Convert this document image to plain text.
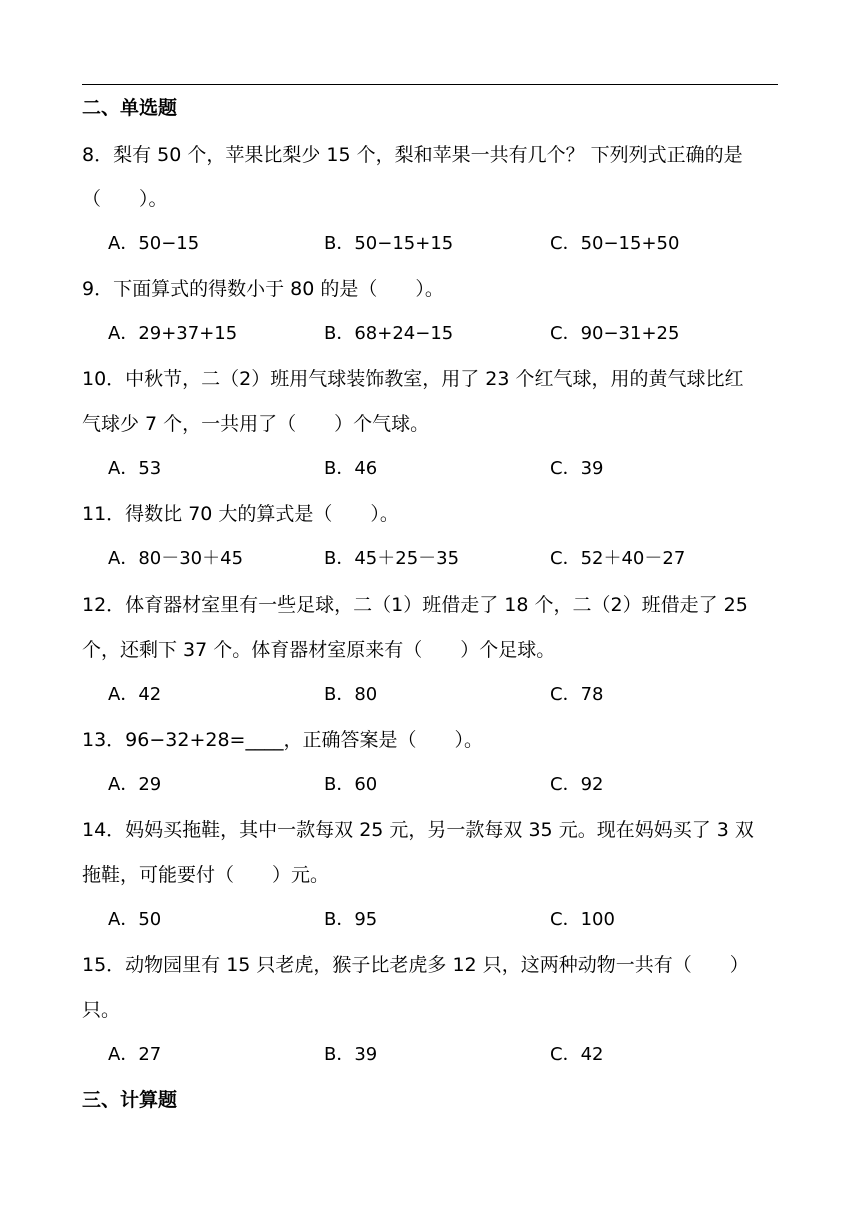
二、单选题
8．梨有 50 个，苹果比梨少 15 个，梨和苹果一共有几个？ 下列列式正确的是
（　　）。
A．50−15	B．50−15+15	C．50−15+50
9．下面算式的得数小于 80 的是（　　）。
A．29+37+15	B．68+24−15	C．90−31+25
10．中秋节，二（2）班用气球装饰教室，用了 23 个红气球，用的黄气球比红
气球少 7 个，一共用了（　　）个气球。
A．53	B．46	C．39
11．得数比 70 大的算式是（　　）。
A．80－30＋45	B．45＋25－35	C．52＋40－27
12．体育器材室里有一些足球，二（1）班借走了 18 个，二（2）班借走了 25
个，还剩下 37 个。体育器材室原来有（　　）个足球。
A．42	B．80	C．78
13．96−32+28=____，正确答案是（　　）。
A．29	B．60	C．92
14．妈妈买拖鞋，其中一款每双 25 元，另一款每双 35 元。现在妈妈买了 3 双
拖鞋，可能要付（　　）元。
A．50	B．95	C．100
15．动物园里有 15 只老虎，猴子比老虎多 12 只，这两种动物一共有（　　）
只。
A．27	B．39	C．42
三、计算题
